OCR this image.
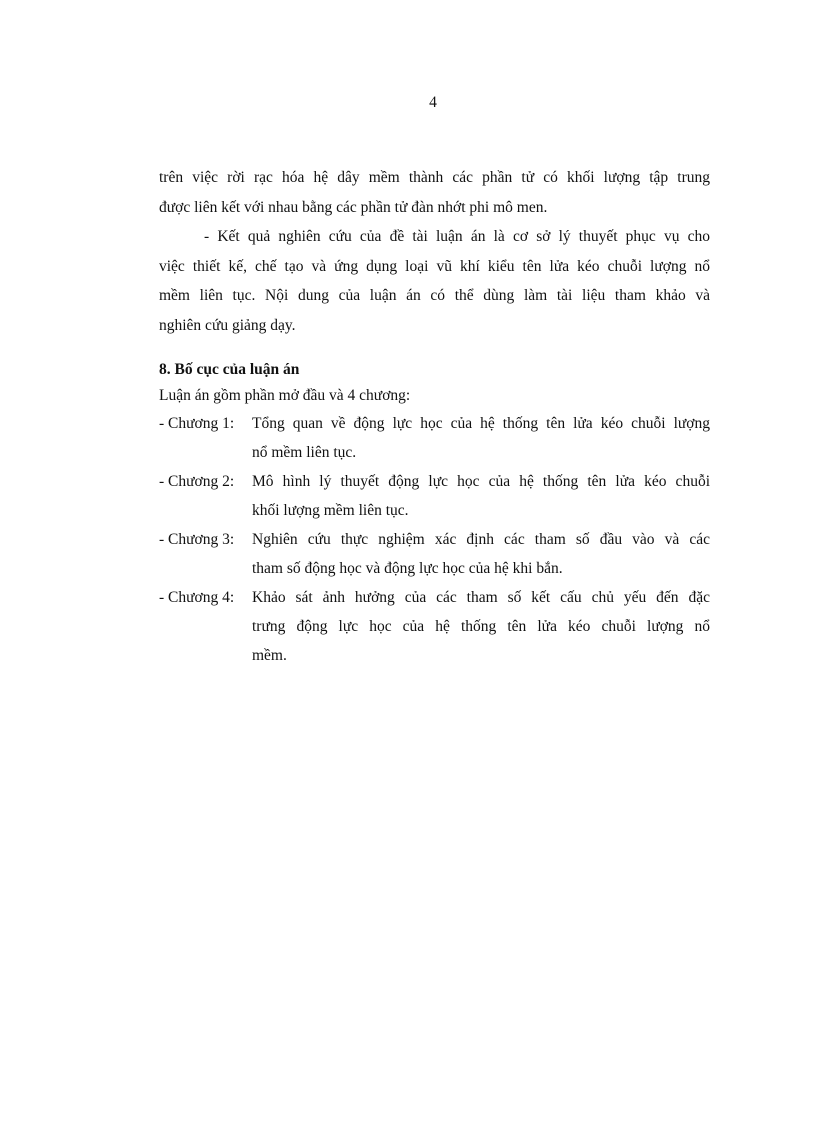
4

trên việc rời rạc hóa hệ dây mềm thành các phần tử có khối lượng tập trung
được liên kết với nhau bằng các phần tử đàn nhớt phi mô men.

- Kết quả nghiên cứu của đề tài luận án là cơ sở lý thuyết phục vụ cho
việc thiết kế, chế tạo và ứng dụng loại vũ khí kiểu tên lửa kéo chuỗi lượng nổ
mềm liên tục. Nội dung của luận án có thể dùng làm tài liệu tham khảo và
nghiên cứu giảng dạy.

8. Bố cục của luận án

Luận án gồm phần mở đầu và 4 chương:

- Chương 1: Tổng quan về động lực học của hệ thống tên lửa kéo chuỗi lượng
nổ mềm liên tục.
- Chương 2: Mô hình lý thuyết động lực học của hệ thống tên lửa kéo chuỗi
khối lượng mềm liên tục.
- Chương 3: Nghiên cứu thực nghiệm xác định các tham số đầu vào và các
tham số động học và động lực học của hệ khi bắn.
- Chương 4: Khảo sát ảnh hưởng của các tham số kết cấu chủ yếu đến đặc
trưng động lực học của hệ thống tên lửa kéo chuỗi lượng nổ
mềm.
